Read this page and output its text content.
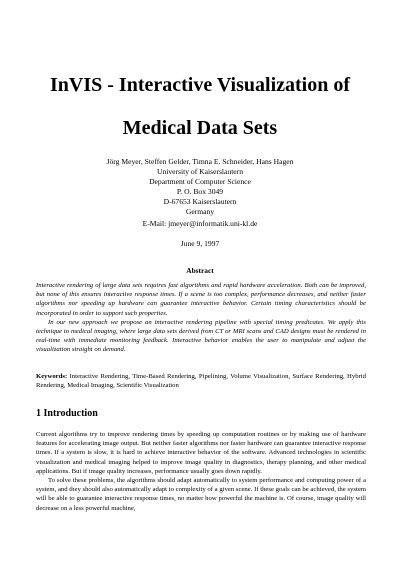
InVIS - Interactive Visualization of
Medical Data Sets
Jörg Meyer, Steffen Gelder, Timna E. Schneider, Hans Hagen
University of Kaiserslautern
Department of Computer Science
P. O. Box 3049
D-67653 Kaiserslautern
Germany
E-Mail: jmeyer@informatik.uni-kl.de
June 9, 1997
Abstract

Interactive rendering of large data sets requires fast algorithms and rapid hardware acceleration. Both can be improved, but none of this ensures interactive response times. If a scene is too complex, performance decreases, and neither faster algorithms nor speeding up hardware can guarantee interactive behavior. Certain timing characteristics should be incorporated in order to support such properties.

In our new approach we propose an interactive rendering pipeline with special timing predicates. We apply this technique to medical imaging, where large data sets derived from CT or MRI scans and CAD designs must be rendered in real-time with immediate monitoring feedback. Interactive behavior enables the user to manipulate and adjust the visualization straight on demand.

Keywords: Interactive Rendering, Time-Based Rendering, Pipelining, Volume Visualization, Surface Rendering, Hybrid Rendering, Medical Imaging, Scientific Visualization
1 Introduction

Current algorithms try to improve rendering times by speeding up computation routines or by making use of hardware features for accelerating image output. But neither faster algorithms nor faster hardware can guarantee interactive response times. If a system is slow, it is hard to achieve interactive behavior of the software. Advanced technologies in scientific visualization and medical imaging helped to improve image quality in diagnostics, therapy planning, and other medical applications. But if image quality increases, performance usually goes down rapidly.

To solve these problems, the algorithms should adapt automatically to system performance and computing power of a system, and they should also automatically adapt to complexity of a given scene. If these goals can be achieved, the system will be able to guarantee interactive response times, no matter how powerful the machine is. Of course, image quality will decrease on a less powerful machine,
